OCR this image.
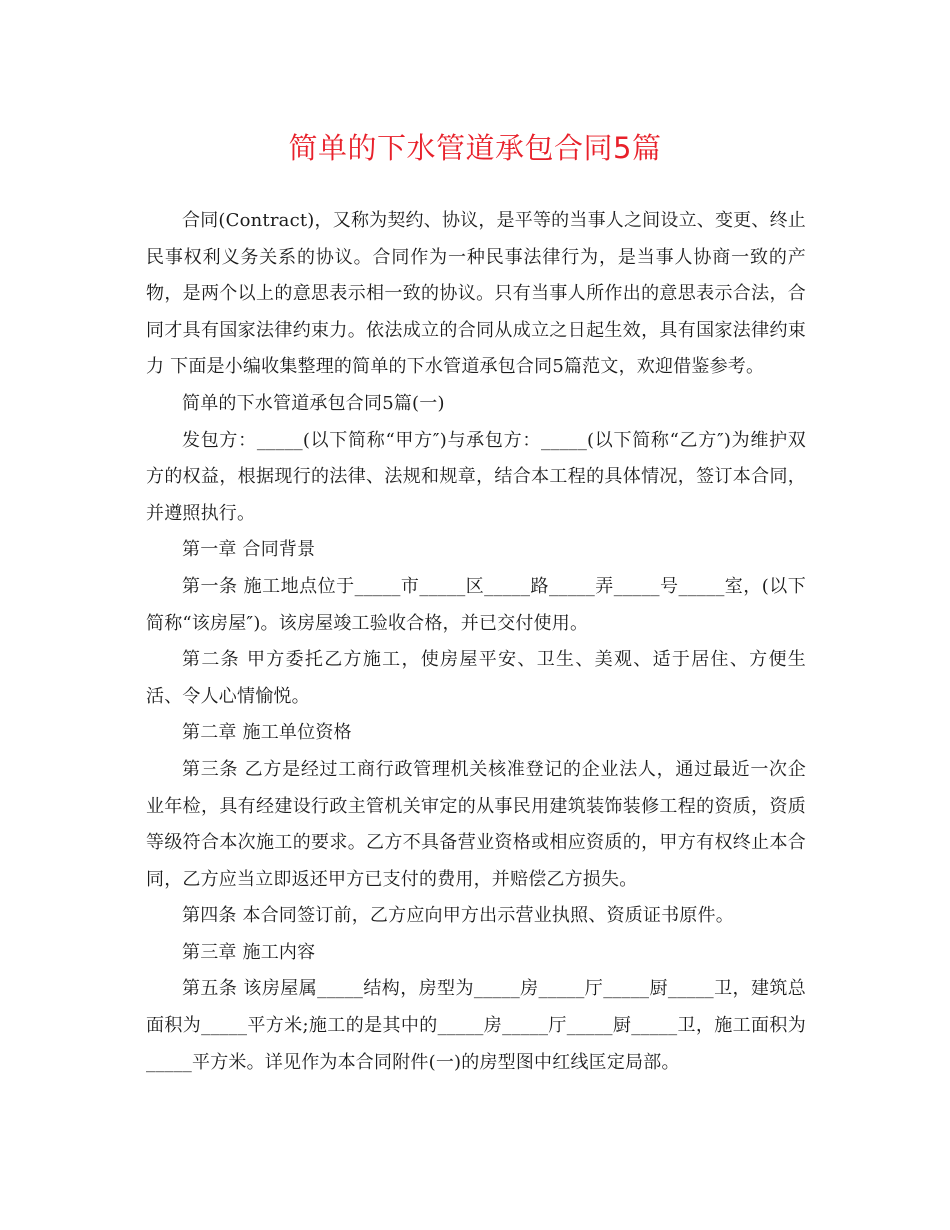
简单的下水管道承包合同5篇

合同(Contract)，又称为契约、协议，是平等的当事人之间设立、变更、终止民事权利义务关系的协议。合同作为一种民事法律行为，是当事人协商一致的产物，是两个以上的意思表示相一致的协议。只有当事人所作出的意思表示合法，合同才具有国家法律约束力。依法成立的合同从成立之日起生效，具有国家法律约束力 下面是小编收集整理的简单的下水管道承包合同5篇范文，欢迎借鉴参考。

简单的下水管道承包合同5篇(一)

发包方：_____(以下简称“甲方″)与承包方：_____(以下简称“乙方″)为维护双方的权益，根据现行的法律、法规和规章，结合本工程的具体情况，签订本合同，并遵照执行。

第一章 合同背景

第一条 施工地点位于_____市_____区_____路_____弄_____号_____室，(以下简称“该房屋″)。该房屋竣工验收合格，并已交付使用。

第二条 甲方委托乙方施工，使房屋平安、卫生、美观、适于居住、方便生活、令人心情愉悦。

第二章 施工单位资格

第三条 乙方是经过工商行政管理机关核准登记的企业法人，通过最近一次企业年检，具有经建设行政主管机关审定的从事民用建筑装饰装修工程的资质，资质等级符合本次施工的要求。乙方不具备营业资格或相应资质的，甲方有权终止本合同，乙方应当立即返还甲方已支付的费用，并赔偿乙方损失。

第四条 本合同签订前，乙方应向甲方出示营业执照、资质证书原件。

第三章 施工内容

第五条 该房屋属_____结构，房型为_____房_____厅_____厨_____卫，建筑总面积为_____平方米;施工的是其中的_____房_____厅_____厨_____卫，施工面积为_____平方米。详见作为本合同附件(一)的房型图中红线匡定局部。
